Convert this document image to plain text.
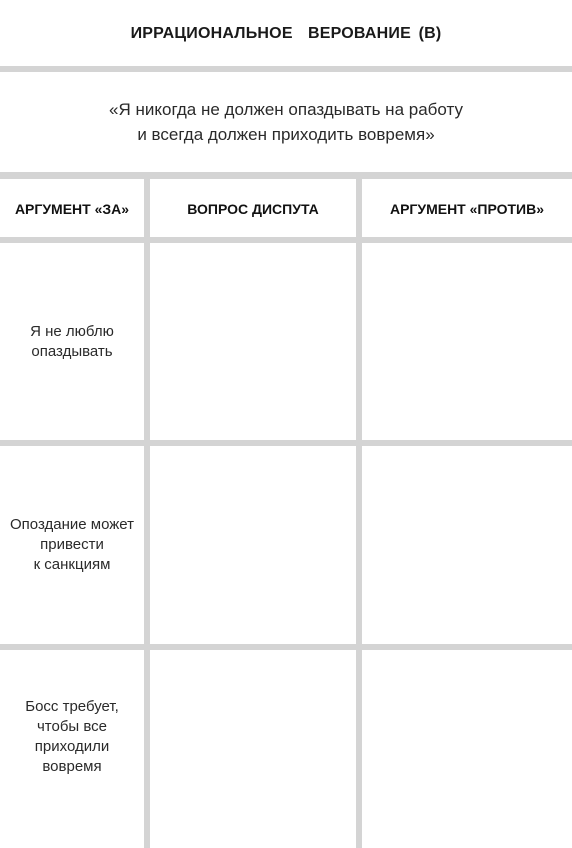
ИРРАЦИОНАЛЬНОЕ  ВЕРОВАНИЕ (B)
«Я никогда не должен опаздывать на работу
и всегда должен приходить вовремя»
АРГУМЕНТ «ЗА»	ВОПРОС ДИСПУТА	АРГУМЕНТ «ПРОТИВ»
Я не люблю
опаздывать
Опоздание может
привести
к санкциям
Босс требует,
чтобы все
приходили
вовремя
